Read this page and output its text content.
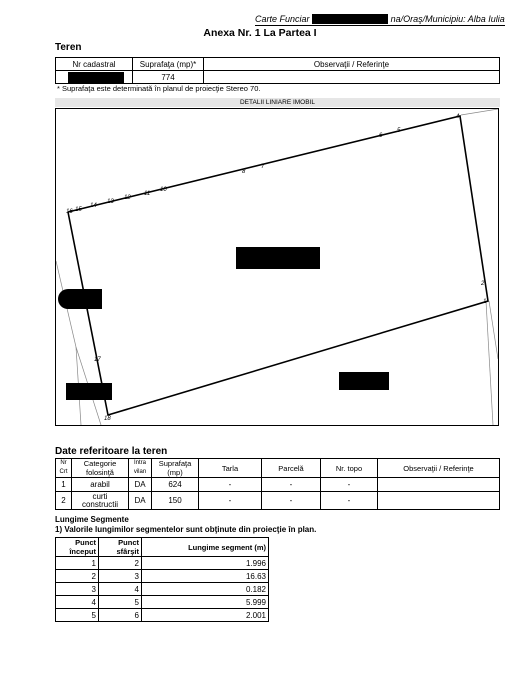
Carte Funciar	na/Oraş/Municipiu: Alba Iulia
Anexa Nr. 1 La Partea I
Teren
Nr cadastral	Suprafaţa (mp)*	Observaţii / Referinţe

	774	
* Suprafaţa este determinată în planul de proiecţie Stereo 70.
DETALII LINIARE IMOBIL
4
5
6
7
8
10
11
12
13
14
15
16
2
1
17
18
Date referitoare la teren
Nr Crt	Categorie folosinţă	Intra vilan	Suprafaţa (mp)	Tarla	Parcelă	Nr. topo	Observaţii / Referinţe
1	arabil	DA	624	-	-	-	
2	curti constructii	DA	150	-	-	-	
Lungime Segmente
1) Valorile lungimilor segmentelor sunt obţinute din proiecţie în plan.
Punct început	Punct sfârşit	Lungime segment (m)
1	2	1.996
2	3	16.63
3	4	0.182
4	5	5.999
5	6	2.001
